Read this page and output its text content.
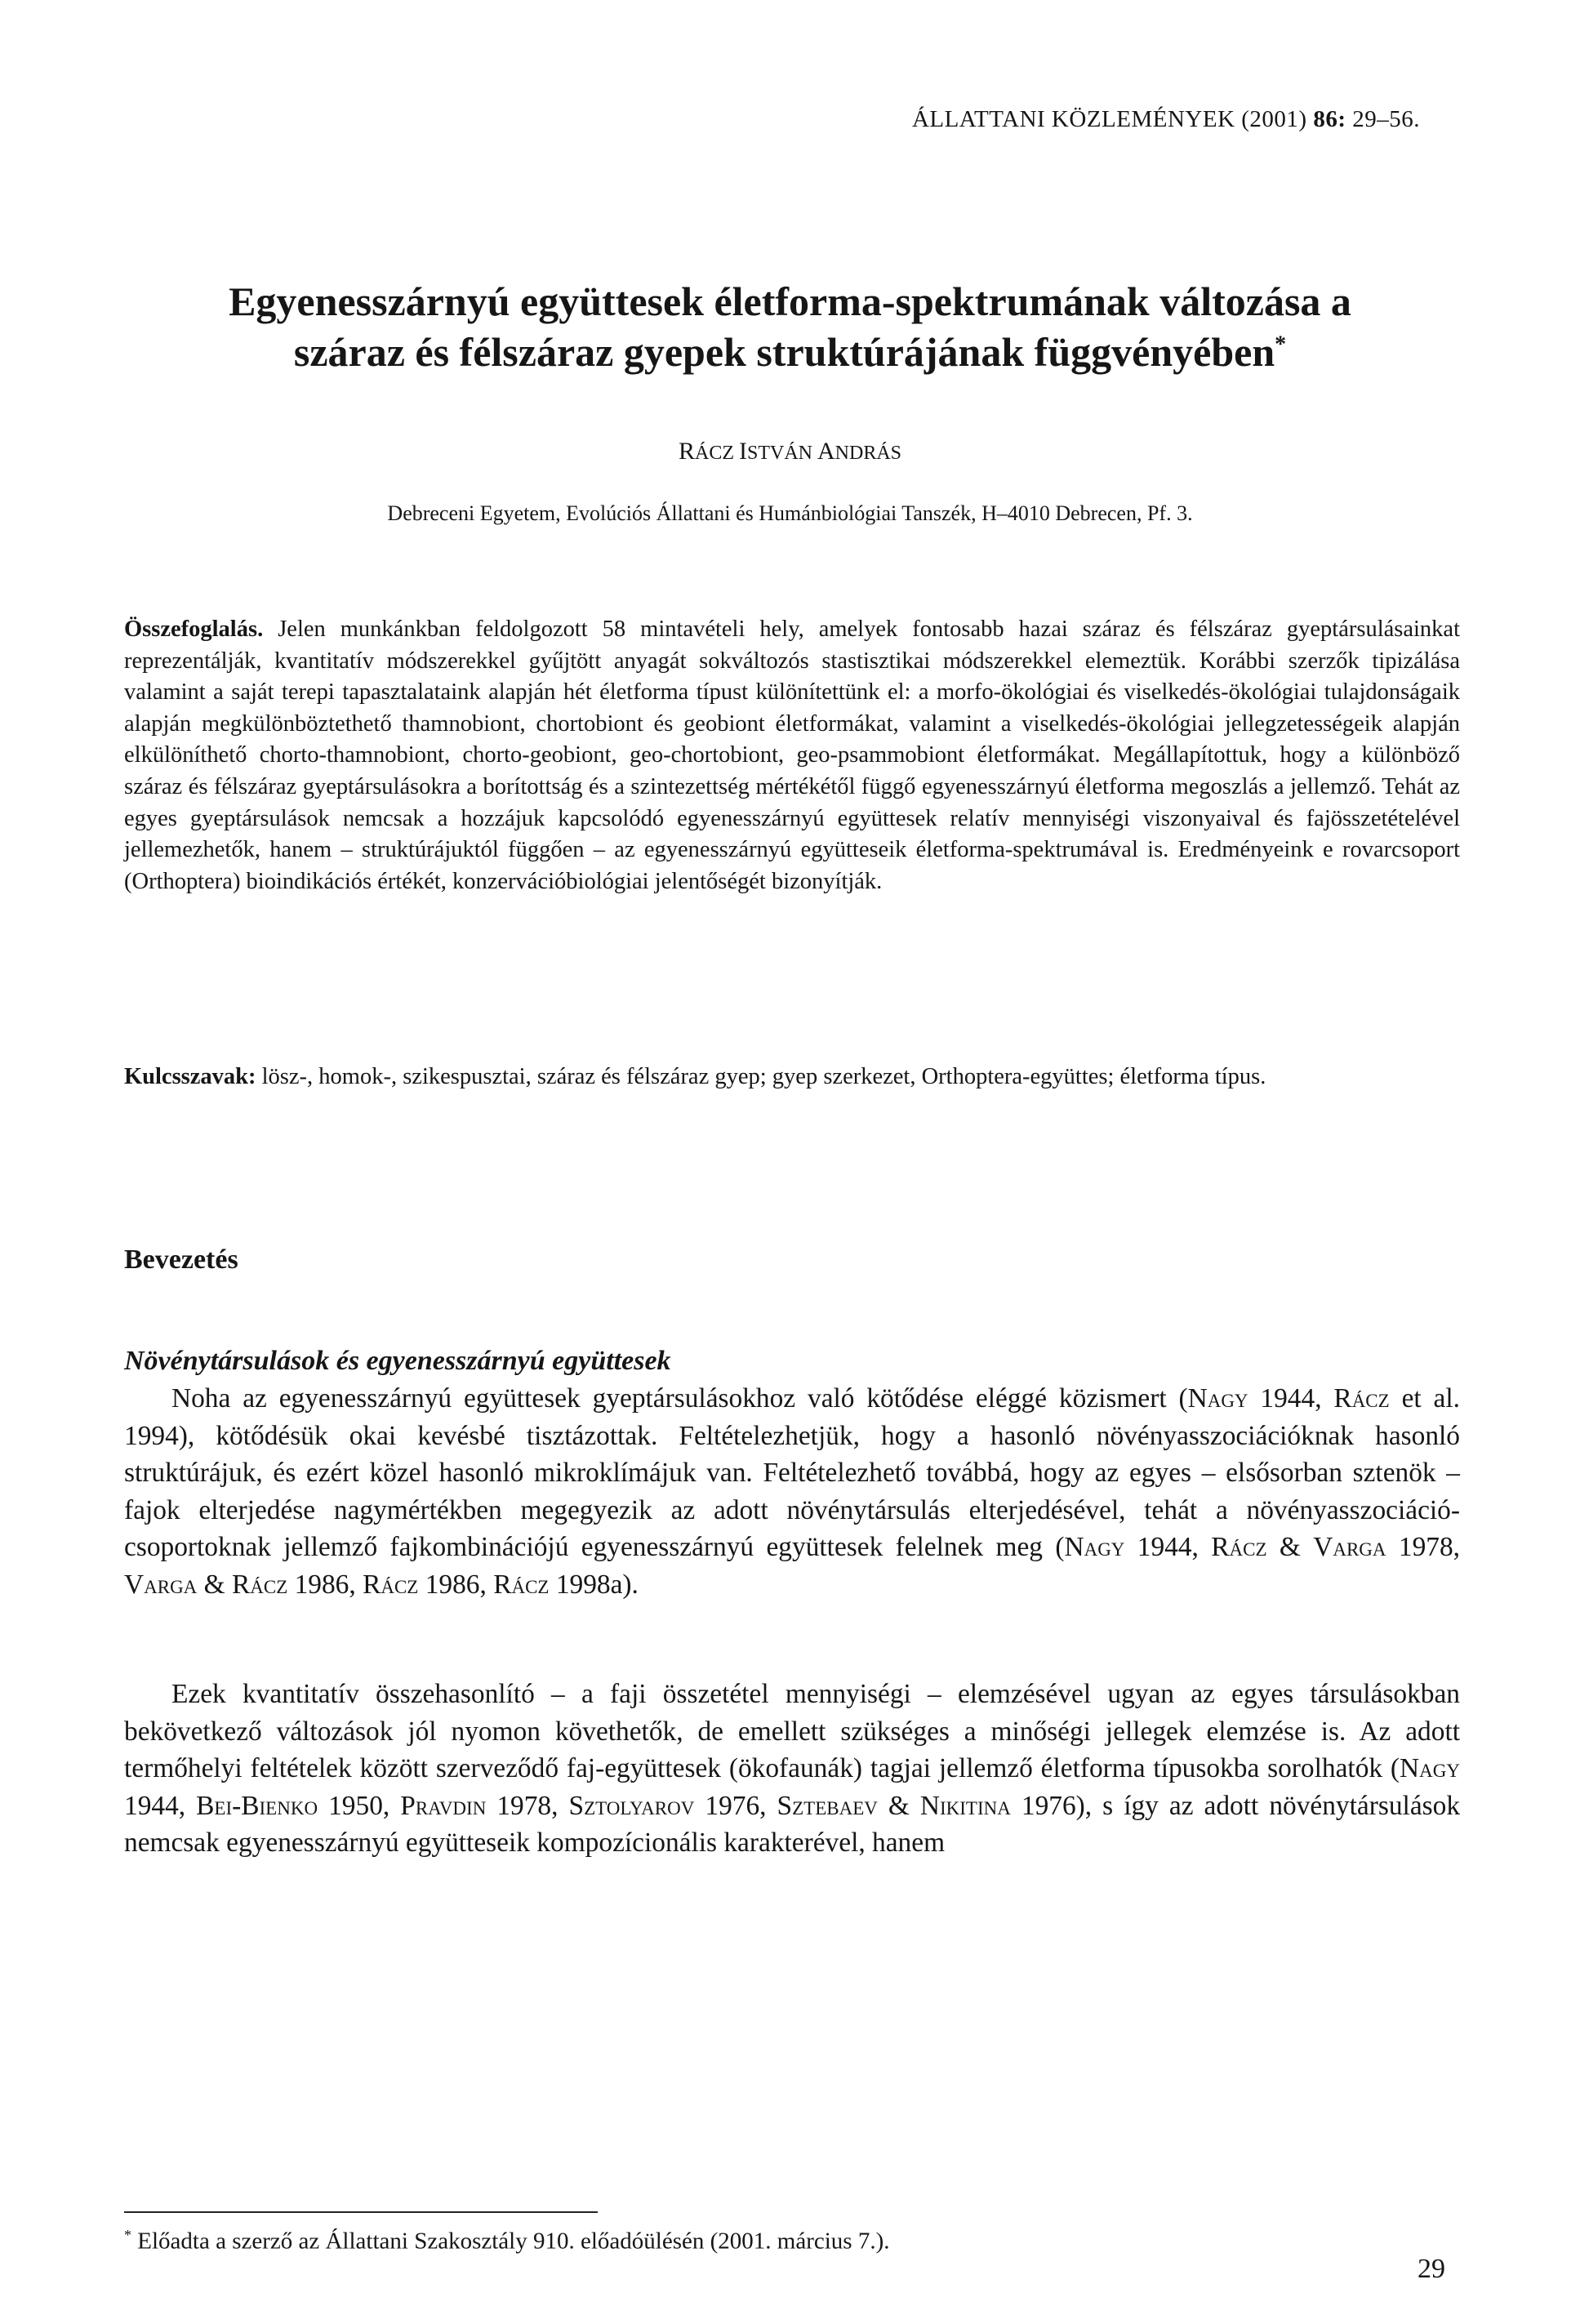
ÁLLATTANI KÖZLEMÉNYEK (2001) 86: 29–56.
Egyenesszárnyú együttesek életforma-spektrumának változása a
száraz és félszáraz gyepek struktúrájának függvényében*
RÁCZ ISTVÁN ANDRÁS
Debreceni Egyetem, Evolúciós Állattani és Humánbiológiai Tanszék, H–4010 Debrecen, Pf. 3.
Összefoglalás. Jelen munkánkban feldolgozott 58 mintavételi hely, amelyek fontosabb hazai száraz és félszáraz gyeptársulásainkat reprezentálják, kvantitatív módszerekkel gyűjtött anyagát sokváltozós stastisztikai módszerekkel elemeztük. Korábbi szerzők tipizálása valamint a saját terepi tapasztalataink alapján hét életforma típust különítettünk el: a morfo-ökológiai és viselkedés-ökológiai tulajdonságaik alapján megkülönböztethető thamnobiont, chortobiont és geobiont életformákat, valamint a viselkedés-ökológiai jellegzetességeik alapján elkülöníthető chorto-thamnobiont, chorto-geobiont, geo-chortobiont, geo-psammobiont életformákat. Megállapítottuk, hogy a különböző száraz és félszáraz gyeptársulásokra a borítottság és a szintezettség mértékétől függő egyenesszárnyú életforma megoszlás a jellemző. Tehát az egyes gyeptársulások nemcsak a hozzájuk kapcsolódó egyenesszárnyú együttesek relatív mennyiségi viszonyaival és fajösszetételével jellemezhetők, hanem – struktúrájuktól függően – az egyenesszárnyú együtteseik életforma-spektrumával is. Eredményeink e rovarcsoport (Orthoptera) bioindikációs értékét, konzervációbiológiai jelentőségét bizonyítják.
Kulcsszavak: lösz-, homok-, szikespusztai, száraz és félszáraz gyep; gyep szerkezet, Orthoptera-együttes; életforma típus.
Bevezetés
Növénytársulások és egyenesszárnyú együttesek

Noha az egyenesszárnyú együttesek gyeptársulásokhoz való kötődése eléggé közismert (Nagy 1944, Rácz et al. 1994), kötődésük okai kevésbé tisztázottak. Feltételezhetjük, hogy a hasonló növényasszociációknak hasonló struktúrájuk, és ezért közel hasonló mikroklímájuk van. Feltételezhető továbbá, hogy az egyes – elsősorban sztenök – fajok elterjedése nagymértékben megegyezik az adott növénytársulás elterjedésével, tehát a növényasszociáció-csoportoknak jellemző fajkombinációjú egyenesszárnyú együttesek felelnek meg (Nagy 1944, Rácz & Varga 1978, Varga & Rácz 1986, Rácz 1986, Rácz 1998a).

Ezek kvantitatív összehasonlító – a faji összetétel mennyiségi – elemzésével ugyan az egyes társulásokban bekövetkező változások jól nyomon követhetők, de emellett szükséges a minőségi jellegek elemzése is. Az adott termőhelyi feltételek között szerveződő faj-együttesek (ökofaunák) tagjai jellemző életforma típusokba sorolhatók (Nagy 1944, Bei-Bienko 1950, Pravdin 1978, Sztolyarov 1976, Sztebaev & Nikitina 1976), s így az adott növénytársulások nemcsak egyenesszárnyú együtteseik kompozícionális karakterével, hanem

* Előadta a szerző az Állattani Szakosztály 910. előadóülésén (2001. március 7.).
29
